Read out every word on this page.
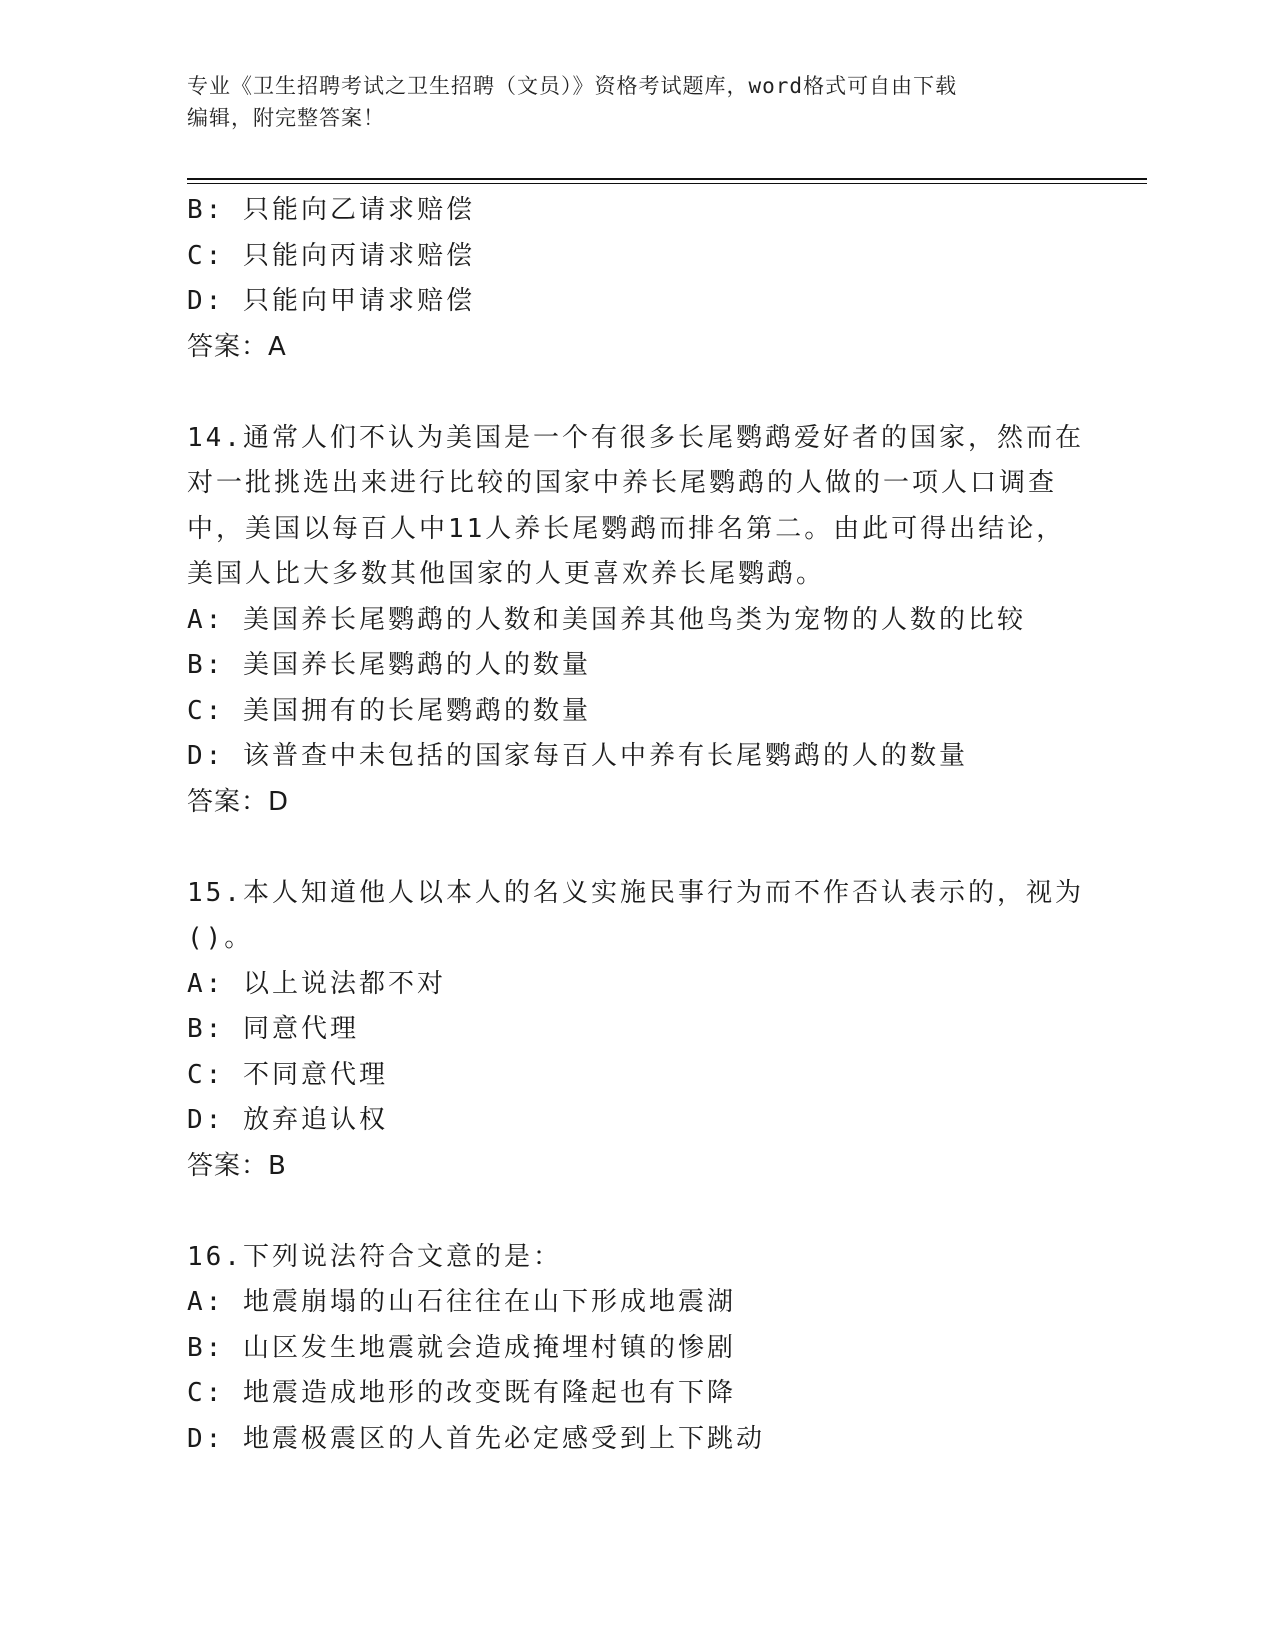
专业《卫生招聘考试之卫生招聘（文员）》资格考试题库，word格式可自由下载
编辑，附完整答案！

B: 只能向乙请求赔偿

C: 只能向丙请求赔偿

D: 只能向甲请求赔偿

答案：A

14.通常人们不认为美国是一个有很多长尾鹦鹉爱好者的国家，然而在
对一批挑选出来进行比较的国家中养长尾鹦鹉的人做的一项人口调查
中，美国以每百人中11人养长尾鹦鹉而排名第二。由此可得出结论，
美国人比大多数其他国家的人更喜欢养长尾鹦鹉。

A: 美国养长尾鹦鹉的人数和美国养其他鸟类为宠物的人数的比较

B: 美国养长尾鹦鹉的人的数量

C: 美国拥有的长尾鹦鹉的数量

D: 该普查中未包括的国家每百人中养有长尾鹦鹉的人的数量

答案：D

15.本人知道他人以本人的名义实施民事行为而不作否认表示的，视为
()。

A: 以上说法都不对

B: 同意代理

C: 不同意代理

D: 放弃追认权

答案：B

16.下列说法符合文意的是：

A: 地震崩塌的山石往往在山下形成地震湖

B: 山区发生地震就会造成掩埋村镇的惨剧

C: 地震造成地形的改变既有隆起也有下降

D: 地震极震区的人首先必定感受到上下跳动
